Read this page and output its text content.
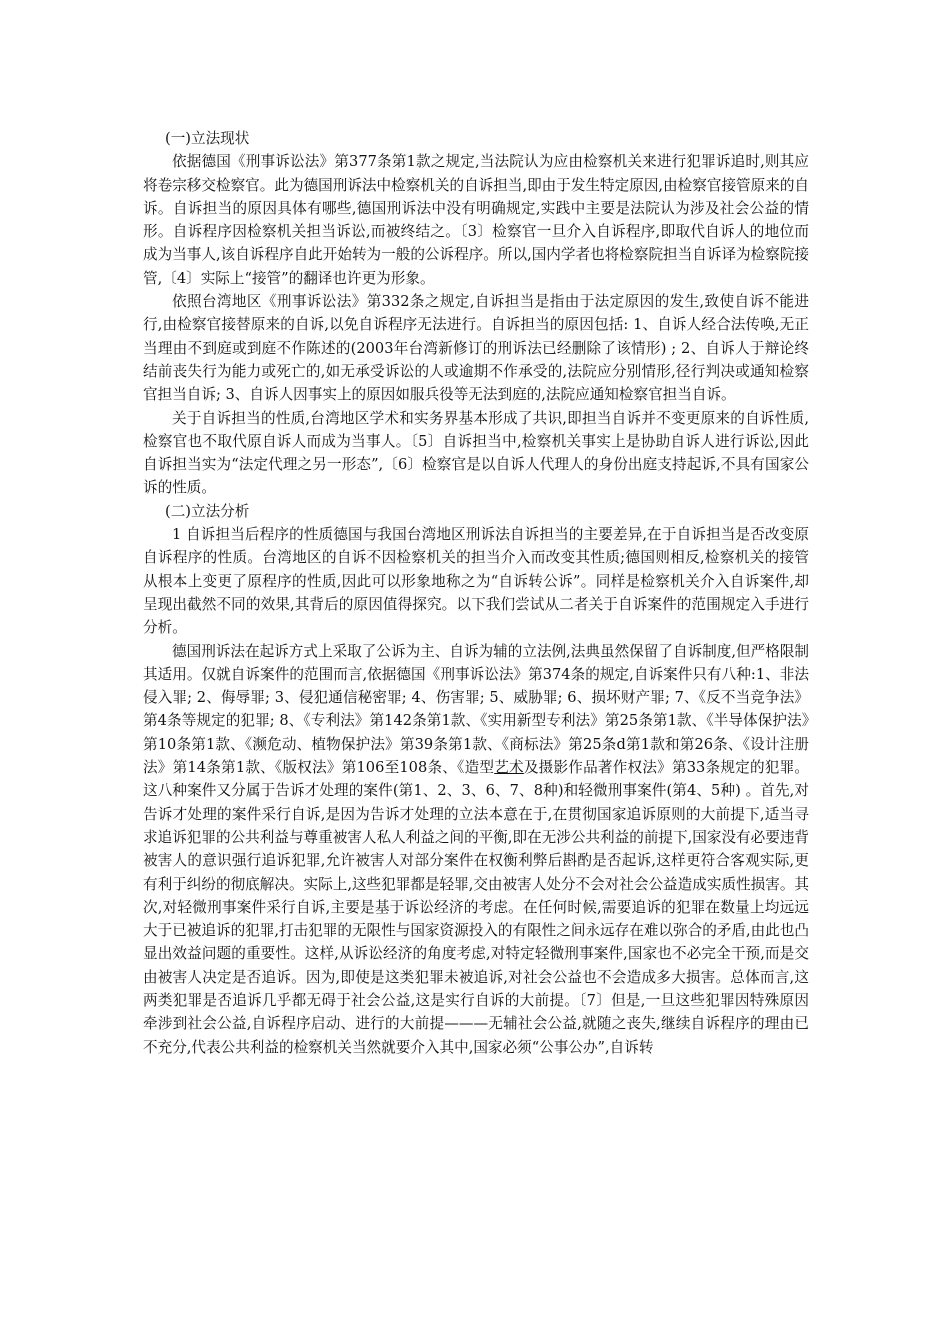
(一)立法现状

依据德国《刑事诉讼法》第377条第1款之规定,当法院认为应由检察机关来进行犯罪诉追时,则其应将卷宗移交检察官。此为德国刑诉法中检察机关的自诉担当,即由于发生特定原因,由检察官接管原来的自诉。自诉担当的原因具体有哪些,德国刑诉法中没有明确规定,实践中主要是法院认为涉及社会公益的情形。自诉程序因检察机关担当诉讼,而被终结之。〔3〕检察官一旦介入自诉程序,即取代自诉人的地位而成为当事人,该自诉程序自此开始转为一般的公诉程序。所以,国内学者也将检察院担当自诉译为检察院接管,〔4〕实际上“接管”的翻译也许更为形象。

依照台湾地区《刑事诉讼法》第332条之规定,自诉担当是指由于法定原因的发生,致使自诉不能进行,由检察官接替原来的自诉,以免自诉程序无法进行。自诉担当的原因包括: 1、自诉人经合法传唤,无正当理由不到庭或到庭不作陈述的(2003年台湾新修订的刑诉法已经删除了该情形) ; 2、自诉人于辩论终结前丧失行为能力或死亡的,如无承受诉讼的人或逾期不作承受的,法院应分别情形,径行判决或通知检察官担当自诉; 3、自诉人因事实上的原因如服兵役等无法到庭的,法院应通知检察官担当自诉。

关于自诉担当的性质,台湾地区学术和实务界基本形成了共识,即担当自诉并不变更原来的自诉性质,检察官也不取代原自诉人而成为当事人。〔5〕自诉担当中,检察机关事实上是协助自诉人进行诉讼,因此自诉担当实为“法定代理之另一形态”,〔6〕检察官是以自诉人代理人的身份出庭支持起诉,不具有国家公诉的性质。

(二)立法分析

1 自诉担当后程序的性质德国与我国台湾地区刑诉法自诉担当的主要差异,在于自诉担当是否改变原自诉程序的性质。台湾地区的自诉不因检察机关的担当介入而改变其性质;德国则相反,检察机关的接管从根本上变更了原程序的性质,因此可以形象地称之为“自诉转公诉”。同样是检察机关介入自诉案件,却呈现出截然不同的效果,其背后的原因值得探究。以下我们尝试从二者关于自诉案件的范围规定入手进行分析。

德国刑诉法在起诉方式上采取了公诉为主、自诉为辅的立法例,法典虽然保留了自诉制度,但严格限制其适用。仅就自诉案件的范围而言,依据德国《刑事诉讼法》第374条的规定,自诉案件只有八种:1、非法侵入罪; 2、侮辱罪; 3、侵犯通信秘密罪; 4、伤害罪; 5、威胁罪; 6、损坏财产罪; 7、《反不当竞争法》第4条等规定的犯罪; 8、《专利法》第142条第1款、《实用新型专利法》第25条第1款、《半导体保护法》第10条第1款、《濒危动、植物保护法》第39条第1款、《商标法》第25条d第1款和第26条、《设计注册法》第14条第1款、《版权法》第106至108条、《造型艺术及摄影作品著作权法》第33条规定的犯罪。这八种案件又分属于告诉才处理的案件(第1、2、3、6、7、8种)和轻微刑事案件(第4、5种) 。首先,对告诉才处理的案件采行自诉,是因为告诉才处理的立法本意在于,在贯彻国家追诉原则的大前提下,适当寻求追诉犯罪的公共利益与尊重被害人私人利益之间的平衡,即在无涉公共利益的前提下,国家没有必要违背被害人的意识强行追诉犯罪,允许被害人对部分案件在权衡利弊后斟酌是否起诉,这样更符合客观实际,更有利于纠纷的彻底解决。实际上,这些犯罪都是轻罪,交由被害人处分不会对社会公益造成实质性损害。其次,对轻微刑事案件采行自诉,主要是基于诉讼经济的考虑。在任何时候,需要追诉的犯罪在数量上均远远大于已被追诉的犯罪,打击犯罪的无限性与国家资源投入的有限性之间永远存在难以弥合的矛盾,由此也凸显出效益问题的重要性。这样,从诉讼经济的角度考虑,对特定轻微刑事案件,国家也不必完全干预,而是交由被害人决定是否追诉。因为,即使是这类犯罪未被追诉,对社会公益也不会造成多大损害。总体而言,这两类犯罪是否追诉几乎都无碍于社会公益,这是实行自诉的大前提。〔7〕但是,一旦这些犯罪因特殊原因牵涉到社会公益,自诉程序启动、进行的大前提———无辅社会公益,就随之丧失,继续自诉程序的理由已不充分,代表公共利益的检察机关当然就要介入其中,国家必须“公事公办”,自诉转
